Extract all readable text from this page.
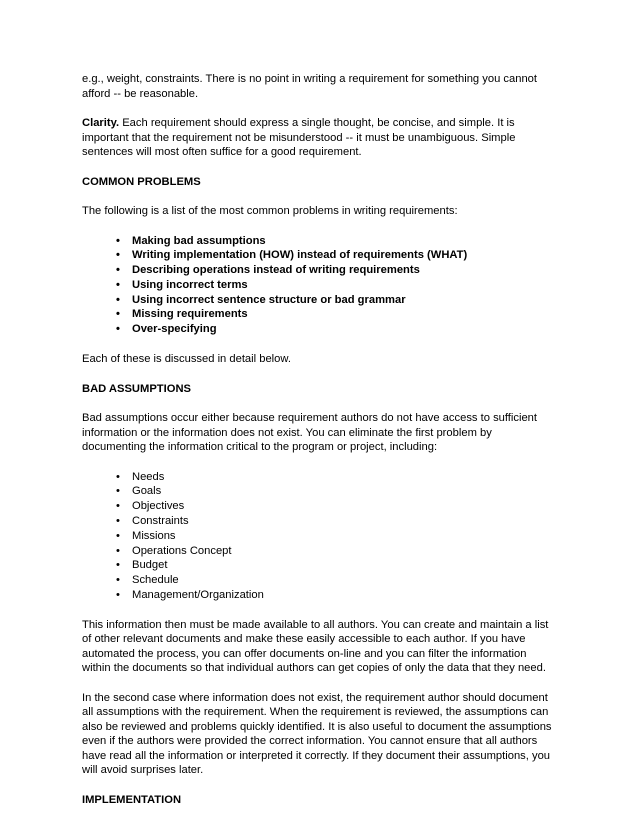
e.g., weight, constraints. There is no point in writing a requirement for something you cannot afford -- be reasonable.

Clarity. Each requirement should express a single thought, be concise, and simple. It is important that the requirement not be misunderstood -- it must be unambiguous. Simple sentences will most often suffice for a good requirement.

COMMON PROBLEMS

The following is a list of the most common problems in writing requirements:

• Making bad assumptions
• Writing implementation (HOW) instead of requirements (WHAT)
• Describing operations instead of writing requirements
• Using incorrect terms
• Using incorrect sentence structure or bad grammar
• Missing requirements
• Over-specifying

Each of these is discussed in detail below.

BAD ASSUMPTIONS

Bad assumptions occur either because requirement authors do not have access to sufficient information or the information does not exist. You can eliminate the first problem by documenting the information critical to the program or project, including:

• Needs
• Goals
• Objectives
• Constraints
• Missions
• Operations Concept
• Budget
• Schedule
• Management/Organization

This information then must be made available to all authors. You can create and maintain a list of other relevant documents and make these easily accessible to each author. If you have automated the process, you can offer documents on-line and you can filter the information within the documents so that individual authors can get copies of only the data that they need.

In the second case where information does not exist, the requirement author should document all assumptions with the requirement. When the requirement is reviewed, the assumptions can also be reviewed and problems quickly identified. It is also useful to document the assumptions even if the authors were provided the correct information. You cannot ensure that all authors have read all the information or interpreted it correctly. If they document their assumptions, you will avoid surprises later.

IMPLEMENTATION
